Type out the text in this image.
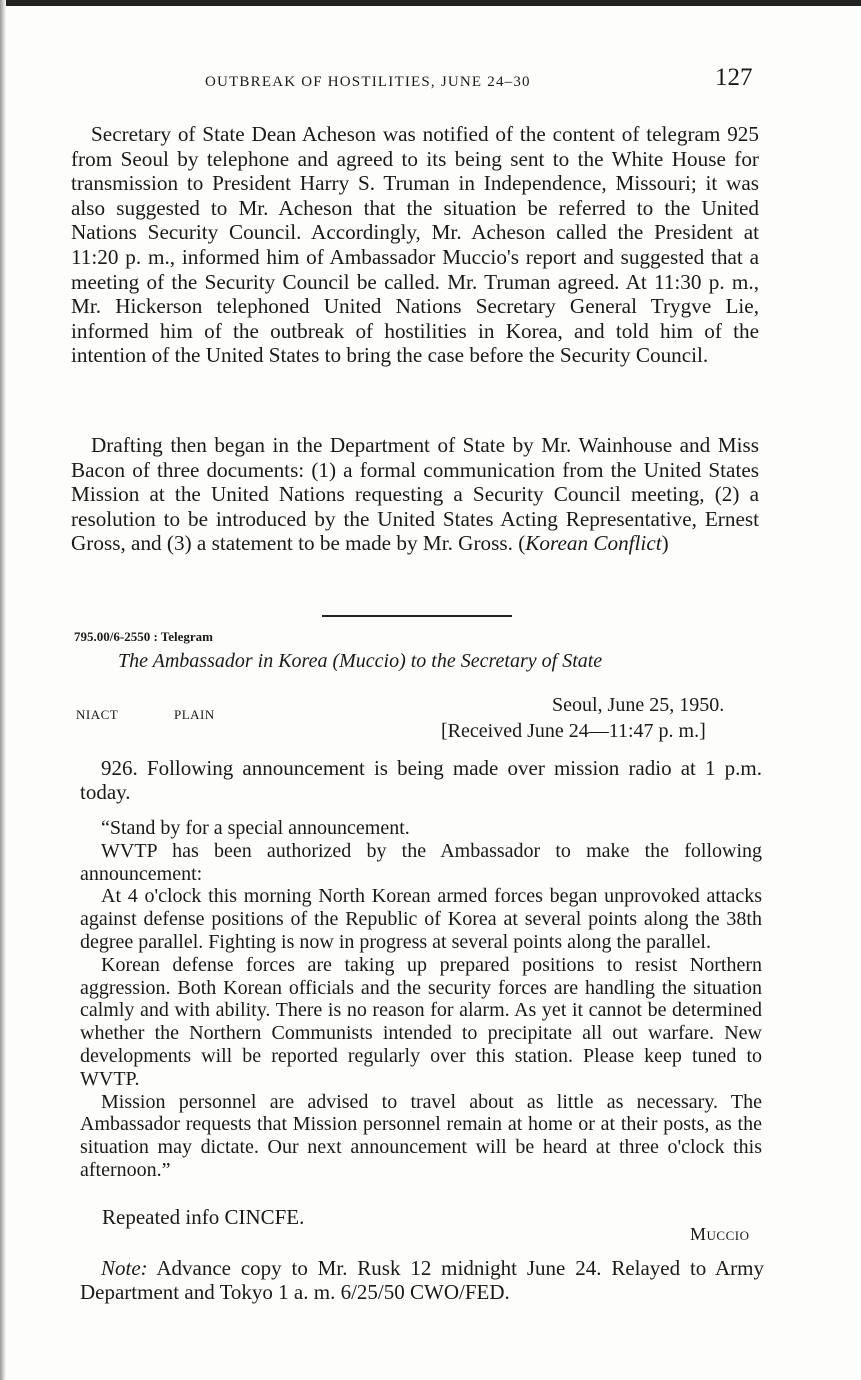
OUTBREAK OF HOSTILITIES, JUNE 24–30	127

Secretary of State Dean Acheson was notified of the content of telegram 925 from Seoul by telephone and agreed to its being sent to the White House for transmission to President Harry S. Truman in Independence, Missouri; it was also suggested to Mr. Acheson that the situation be referred to the United Nations Security Council. Accordingly, Mr. Acheson called the President at 11:20 p. m., informed him of Ambassador Muccio's report and suggested that a meeting of the Security Council be called. Mr. Truman agreed. At 11:30 p. m., Mr. Hickerson telephoned United Nations Secretary General Trygve Lie, informed him of the outbreak of hostilities in Korea, and told him of the intention of the United States to bring the case before the Security Council.

Drafting then began in the Department of State by Mr. Wainhouse and Miss Bacon of three documents: (1) a formal communication from the United States Mission at the United Nations requesting a Security Council meeting, (2) a resolution to be introduced by the United States Acting Representative, Ernest Gross, and (3) a statement to be made by Mr. Gross. (Korean Conflict)

795.00/6-2550 : Telegram
The Ambassador in Korea (Muccio) to the Secretary of State
NIACT	PLAIN	Seoul, June 25, 1950.
[Received June 24—11:47 p. m.]

926. Following announcement is being made over mission radio at 1 p.m. today.

“Stand by for a special announcement.

WVTP has been authorized by the Ambassador to make the following announcement:

At 4 o'clock this morning North Korean armed forces began unprovoked attacks against defense positions of the Republic of Korea at several points along the 38th degree parallel. Fighting is now in progress at several points along the parallel.

Korean defense forces are taking up prepared positions to resist Northern aggression. Both Korean officials and the security forces are handling the situation calmly and with ability. There is no reason for alarm. As yet it cannot be determined whether the Northern Communists intended to precipitate all out warfare. New developments will be reported regularly over this station. Please keep tuned to WVTP.

Mission personnel are advised to travel about as little as necessary. The Ambassador requests that Mission personnel remain at home or at their posts, as the situation may dictate. Our next announcement will be heard at three o'clock this afternoon.”

Repeated info CINCFE.
Muccio

Note: Advance copy to Mr. Rusk 12 midnight June 24. Relayed to Army Department and Tokyo 1 a. m. 6/25/50 CWO/FED.
